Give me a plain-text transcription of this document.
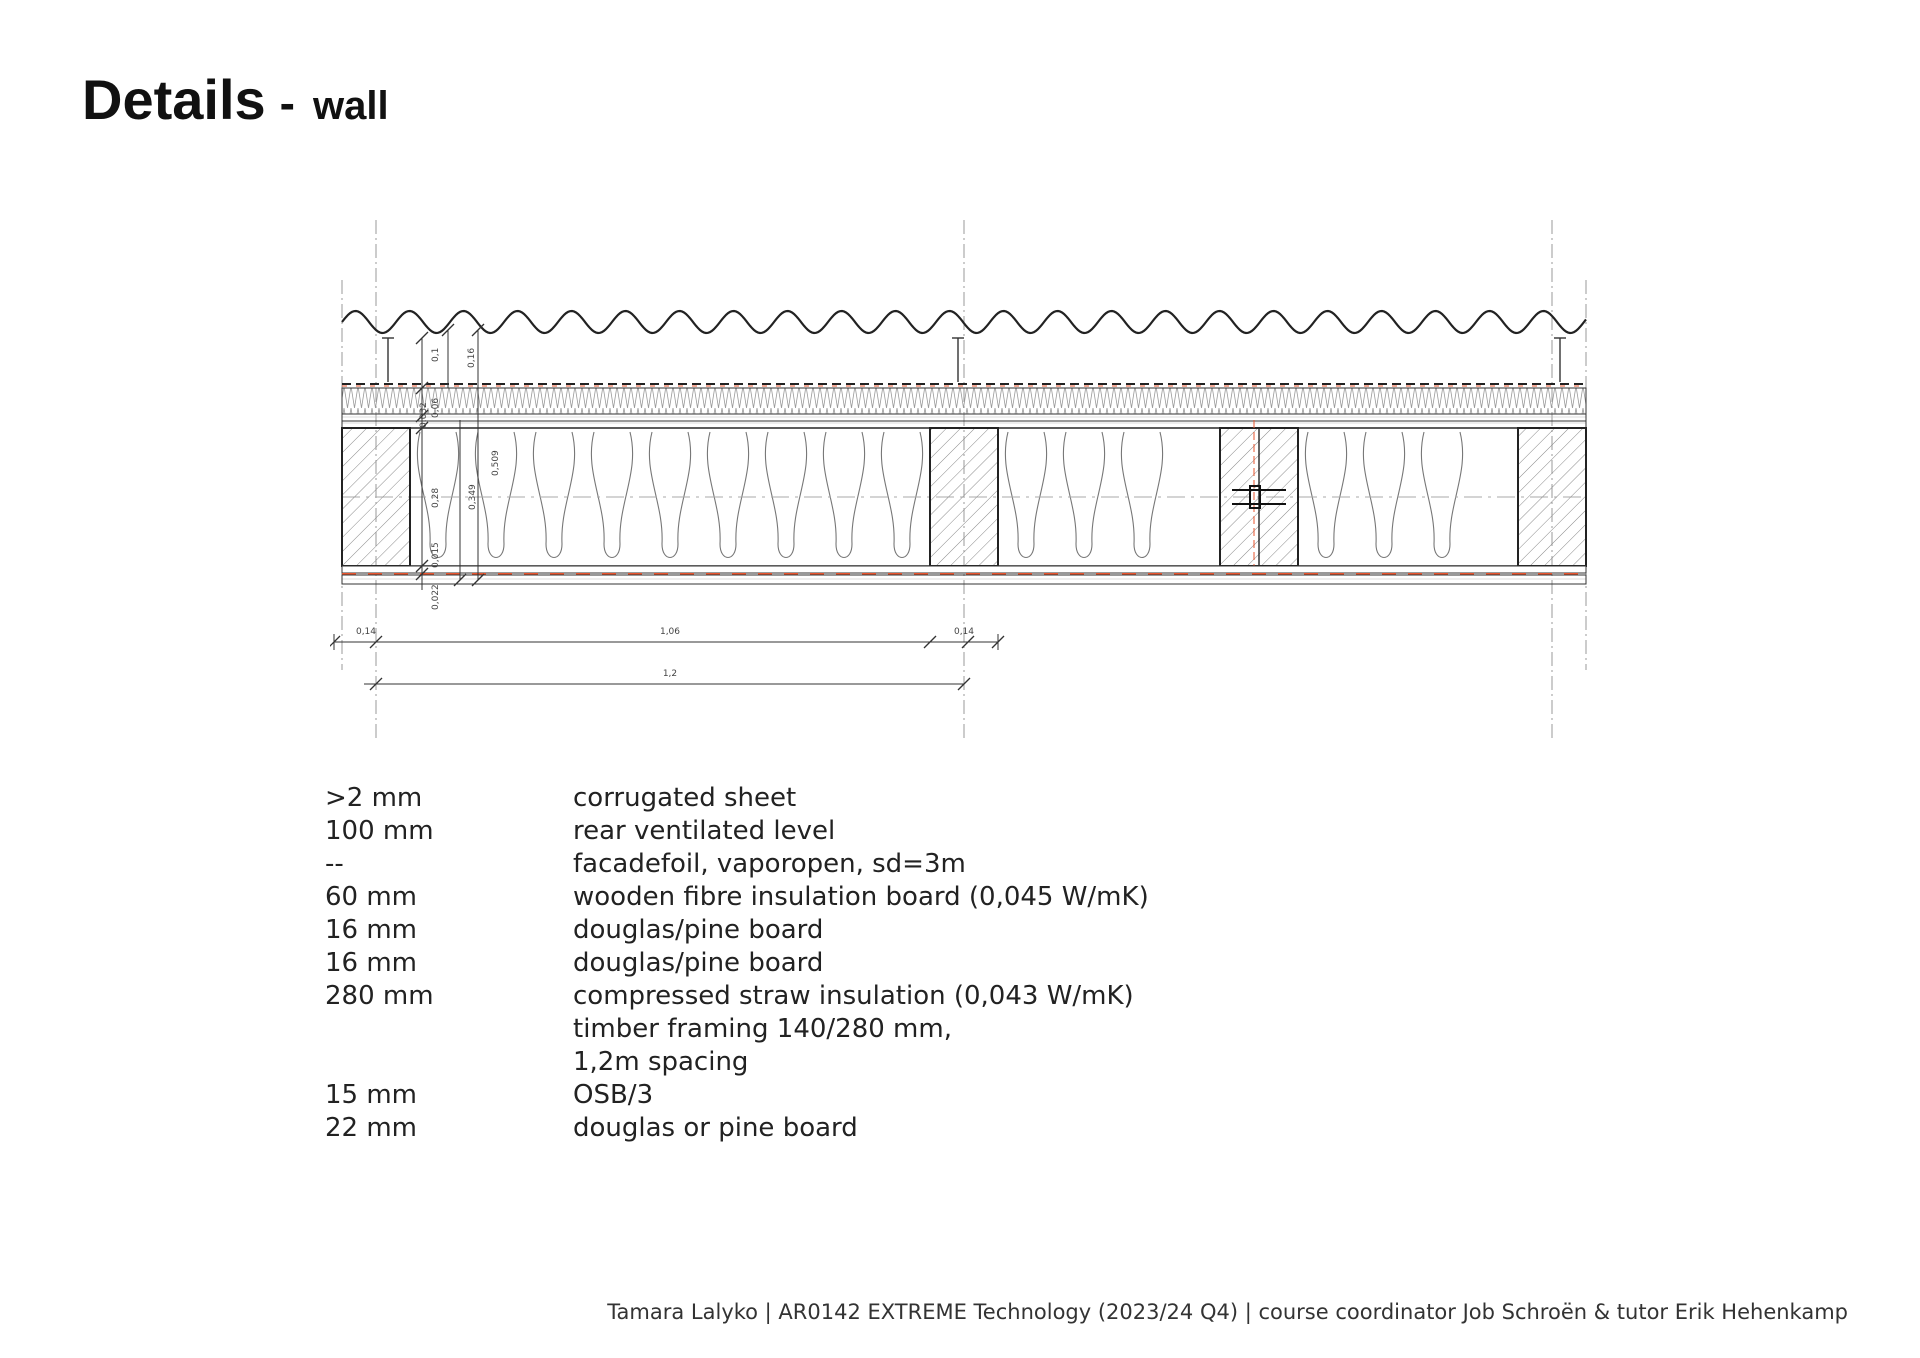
Details - wall
0,1	0,16
0,06
0,032
0,509
0,349
0,28
0,015
0,022
0,14	1,06	0,14
1,2
>2 mm	corrugated sheet
100 mm	rear ventilated level
--	facadefoil, vaporopen, sd=3m
60 mm	wooden fibre insulation board (0,045 W/mK)
16 mm	douglas/pine board
16 mm	douglas/pine board
280 mm	compressed straw insulation (0,043 W/mK)
timber framing 140/280 mm,
1,2m spacing
15 mm	OSB/3
22 mm	douglas or pine board
Tamara Lalyko | AR0142 EXTREME Technology (2023/24 Q4) | course coordinator Job Schroën & tutor Erik Hehenkamp
